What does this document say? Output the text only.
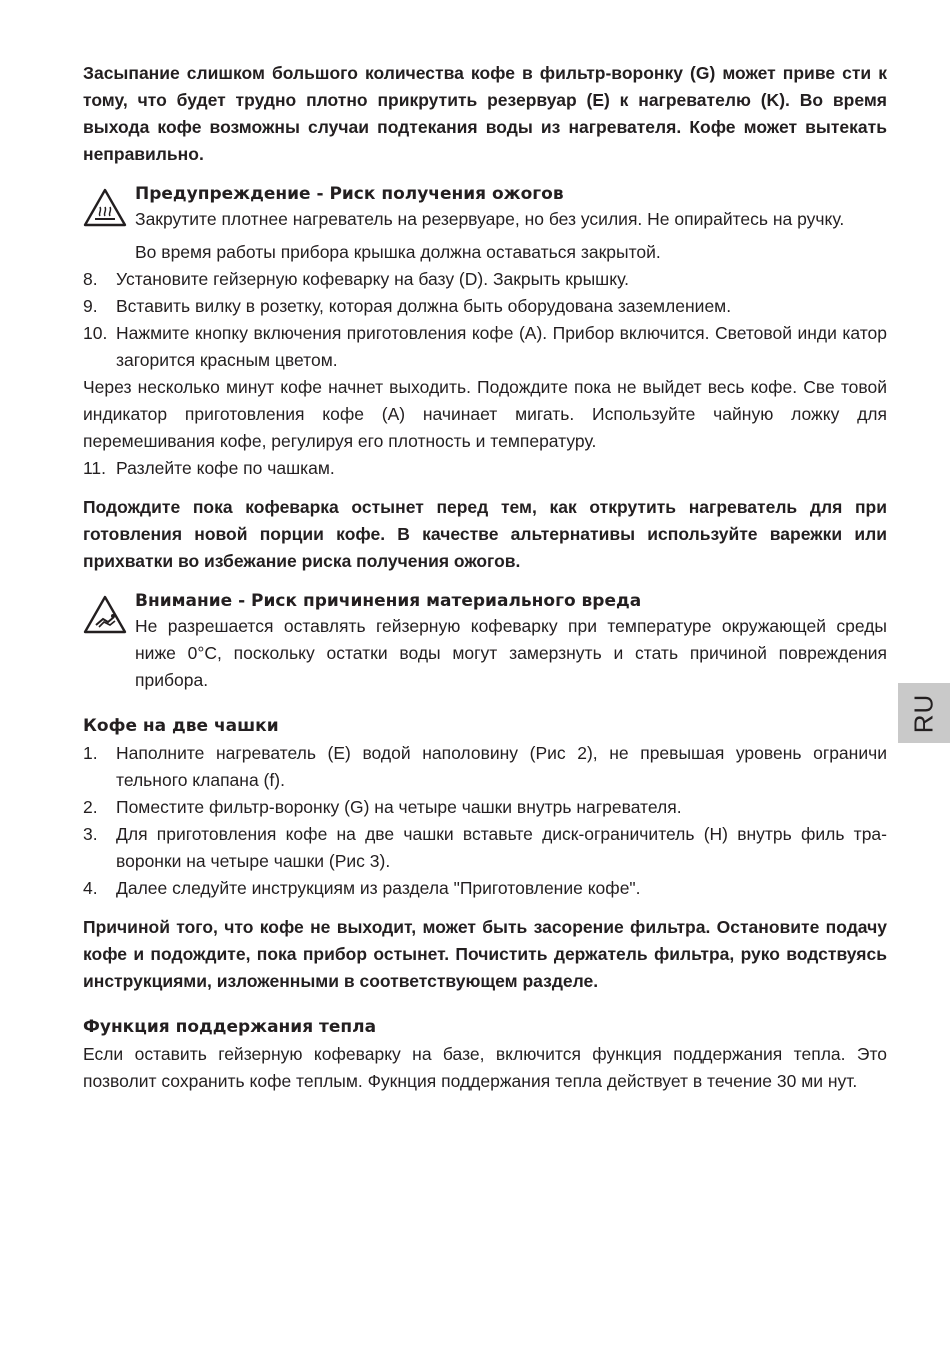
Засыпание слишком большого количества кофе в фильтр-воронку (G) может приве сти к тому, что будет трудно плотно прикрутить резервуар (E) к нагревателю (K). Во время выхода кофе возможны случаи подтекания воды из нагревателя. Кофе может вытекать неправильно.

Предупреждение - Риск получения ожогов

Закрутите плотнее нагреватель на резервуаре, но без усилия. Не опирайтесь на ручку.

Во время работы прибора крышка должна оставаться закрытой.

8. Установите гейзерную кофеварку на базу (D). Закрыть крышку.
9. Вставить вилку в розетку, которая должна быть оборудована заземлением.
10. Нажмите кнопку включения приготовления кофе (A). Прибор включится. Световой инди катор загорится красным цветом.

Через несколько минут кофе начнет выходить. Подождите пока не выйдет весь кофе. Све товой индикатор приготовления кофе (A) начинает мигать. Используйте чайную ложку для перемешивания кофе, регулируя его плотность и температуру.

11. Разлейте кофе по чашкам.

Подождите пока кофеварка остынет перед тем, как открутить нагреватель для при готовления новой порции кофе. В качестве альтернативы используйте варежки или прихватки во избежание риска получения ожогов.

Внимание - Риск причинения материального вреда

Не разрешается оставлять гейзерную кофеварку при температуре окружающей среды ниже 0°C, поскольку остатки воды могут замерзнуть и стать причиной повреждения прибора.

Кофе на две чашки

1. Наполните нагреватель (E) водой наполовину (Рис 2), не превышая уровень ограничи тельного клапана (f).
2. Поместите фильтр-воронку (G) на четыре чашки внутрь нагревателя.
3. Для приготовления кофе на две чашки вставьте диск-ограничитель (H) внутрь филь тра-воронки на четыре чашки (Рис 3).
4. Далее следуйте инструкциям из раздела "Приготовление кофе".

Причиной того, что кофе не выходит, может быть засорение фильтра. Остановите подачу кофе и подождите, пока прибор остынет. Почистить держатель фильтра, руко водствуясь инструкциями, изложенными в соответствующем разделе.

Функция поддержания тепла

Если оставить гейзерную кофеварку на базе, включится функция поддержания тепла. Это позволит сохранить кофе теплым. Фукнция поддержания тепла действует в течение 30 ми нут.

RU
